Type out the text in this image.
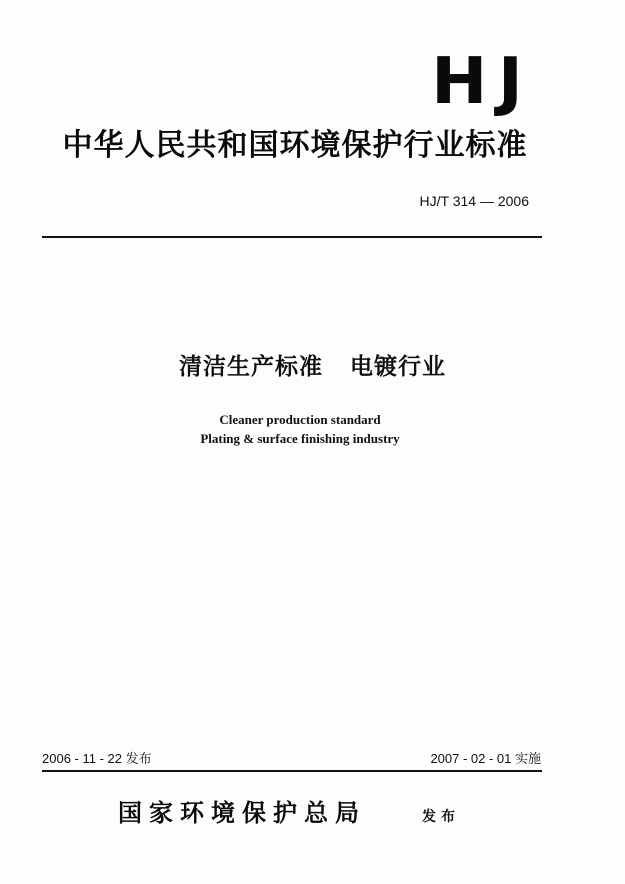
HJ
中华人民共和国环境保护行业标准
HJ/T 314 — 2006
清洁生产标准   电镀行业
Cleaner production standard
Plating & surface finishing industry
2006 - 11 - 22 发布	2007 - 02 - 01 实施
国家环境保护总局	发布
